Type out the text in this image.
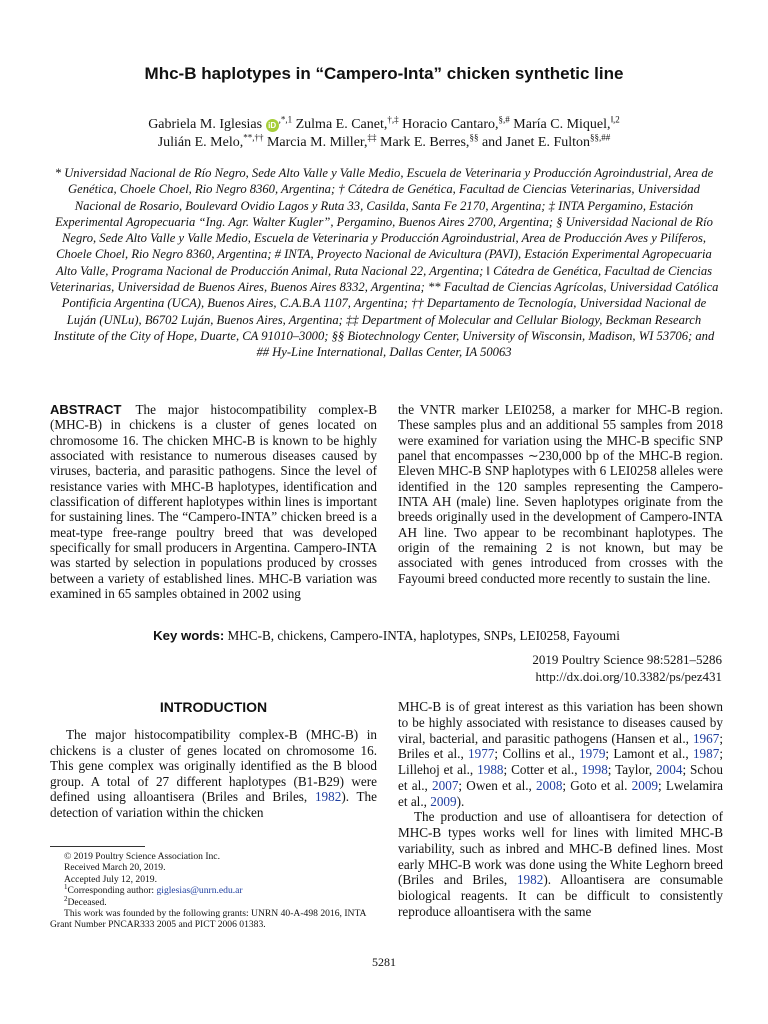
Mhc-B haplotypes in “Campero-Inta” chicken synthetic line
Gabriela M. Iglesias $iD^{,*,1}$ Zulma E. Canet,†,‡ Horacio Cantaro,§,# María C. Miquel,$^{‖,2}$
Julián E. Melo,**,†† Marcia M. Miller,‡‡ Mark E. Berres,§§ and Janet E. Fulton§§,##
* Universidad Nacional de Río Negro, Sede Alto Valle y Valle Medio, Escuela de Veterinaria y Producción Agroindustrial, Area de Genética, Choele Choel, Rio Negro 8360, Argentina; † Cátedra de Genética, Facultad de Ciencias Veterinarias, Universidad Nacional de Rosario, Boulevard Ovidio Lagos y Ruta 33, Casilda, Santa Fe 2170, Argentina; ‡ INTA Pergamino, Estación Experimental Agropecuaria “Ing. Agr. Walter Kugler”, Pergamino, Buenos Aires 2700, Argentina; § Universidad Nacional de Río Negro, Sede Alto Valle y Valle Medio, Escuela de Veterinaria y Producción Agroindustrial, Area de Producción Aves y Pilíferos, Choele Choel, Rio Negro 8360, Argentina; # INTA, Proyecto Nacional de Avicultura (PAVI), Estación Experimental Agropecuaria Alto Valle, Programa Nacional de Producción Animal, Ruta Nacional 22, Argentina; ‖ Cátedra de Genética, Facultad de Ciencias Veterinarias, Universidad de Buenos Aires, Buenos Aires 8332, Argentina; ** Facultad de Ciencias Agrícolas, Universidad Católica Pontificia Argentina (UCA), Buenos Aires, C.A.B.A 1107, Argentina; †† Departamento de Tecnología, Universidad Nacional de Luján (UNLu), B6702 Luján, Buenos Aires, Argentina; ‡‡ Department of Molecular and Cellular Biology, Beckman Research Institute of the City of Hope, Duarte, CA 91010–3000; §§ Biotechnology Center, University of Wisconsin, Madison, WI 53706; and ## Hy-Line International, Dallas Center, IA 50063
ABSTRACT The major histocompatibility complex-B (MHC-B) in chickens is a cluster of genes located on chromosome 16. The chicken MHC-B is known to be highly associated with resistance to numerous diseases caused by viruses, bacteria, and parasitic pathogens. Since the level of resistance varies with MHC-B haplotypes, identification and classification of different haplotypes within lines is important for sustaining lines. The “Campero-INTA” chicken breed is a meat-type free-range poultry breed that was developed specifically for small producers in Argentina. Campero-INTA was started by selection in populations produced by crosses between a variety of established lines. MHC-B variation was examined in 65 samples obtained in 2002 using
the VNTR marker LEI0258, a marker for MHC-B region. These samples plus and an additional 55 samples from 2018 were examined for variation using the MHC-B specific SNP panel that encompasses ∼230,000 bp of the MHC-B region. Eleven MHC-B SNP haplotypes with 6 LEI0258 alleles were identified in the 120 samples representing the Campero-INTA AH (male) line. Seven haplotypes originate from the breeds originally used in the development of Campero-INTA AH line. Two appear to be recombinant haplotypes. The origin of the remaining 2 is not known, but may be associated with genes introduced from crosses with the Fayoumi breed conducted more recently to sustain the line.
Key words: MHC-B, chickens, Campero-INTA, haplotypes, SNPs, LEI0258, Fayoumi
2019 Poultry Science 98:5281–5286
http://dx.doi.org/10.3382/ps/pez431
INTRODUCTION
The major histocompatibility complex-B (MHC-B) in chickens is a cluster of genes located on chromosome 16. This gene complex was originally identified as the B blood group. A total of 27 different haplotypes (B1-B29) were defined using alloantisera (Briles and Briles, 1982). The detection of variation within the chicken

MHC-B is of great interest as this variation has been shown to be highly associated with resistance to diseases caused by viral, bacterial, and parasitic pathogens (Hansen et al., 1967; Briles et al., 1977; Collins et al., 1979; Lamont et al., 1987; Lillehoj et al., 1988; Cotter et al., 1998; Taylor, 2004; Schou et al., 2007; Owen et al., 2008; Goto et al. 2009; Lwelamira et al., 2009).

The production and use of alloantisera for detection of MHC-B types works well for lines with limited MHC-B variability, such as inbred and MHC-B defined lines. Most early MHC-B work was done using the White Leghorn breed (Briles and Briles, 1982). Alloantisera are consumable biological reagents. It can be difficult to consistently reproduce alloantisera with the same

© 2019 Poultry Science Association Inc.
Received March 20, 2019.
Accepted July 12, 2019.
$^1$Corresponding author: giglesias@unrn.edu.ar
$^2$Deceased.
This work was founded by the following grants: UNRN 40-A-498 2016, INTA Grant Number PNCAR333 2005 and PICT 2006 01383.
5281
